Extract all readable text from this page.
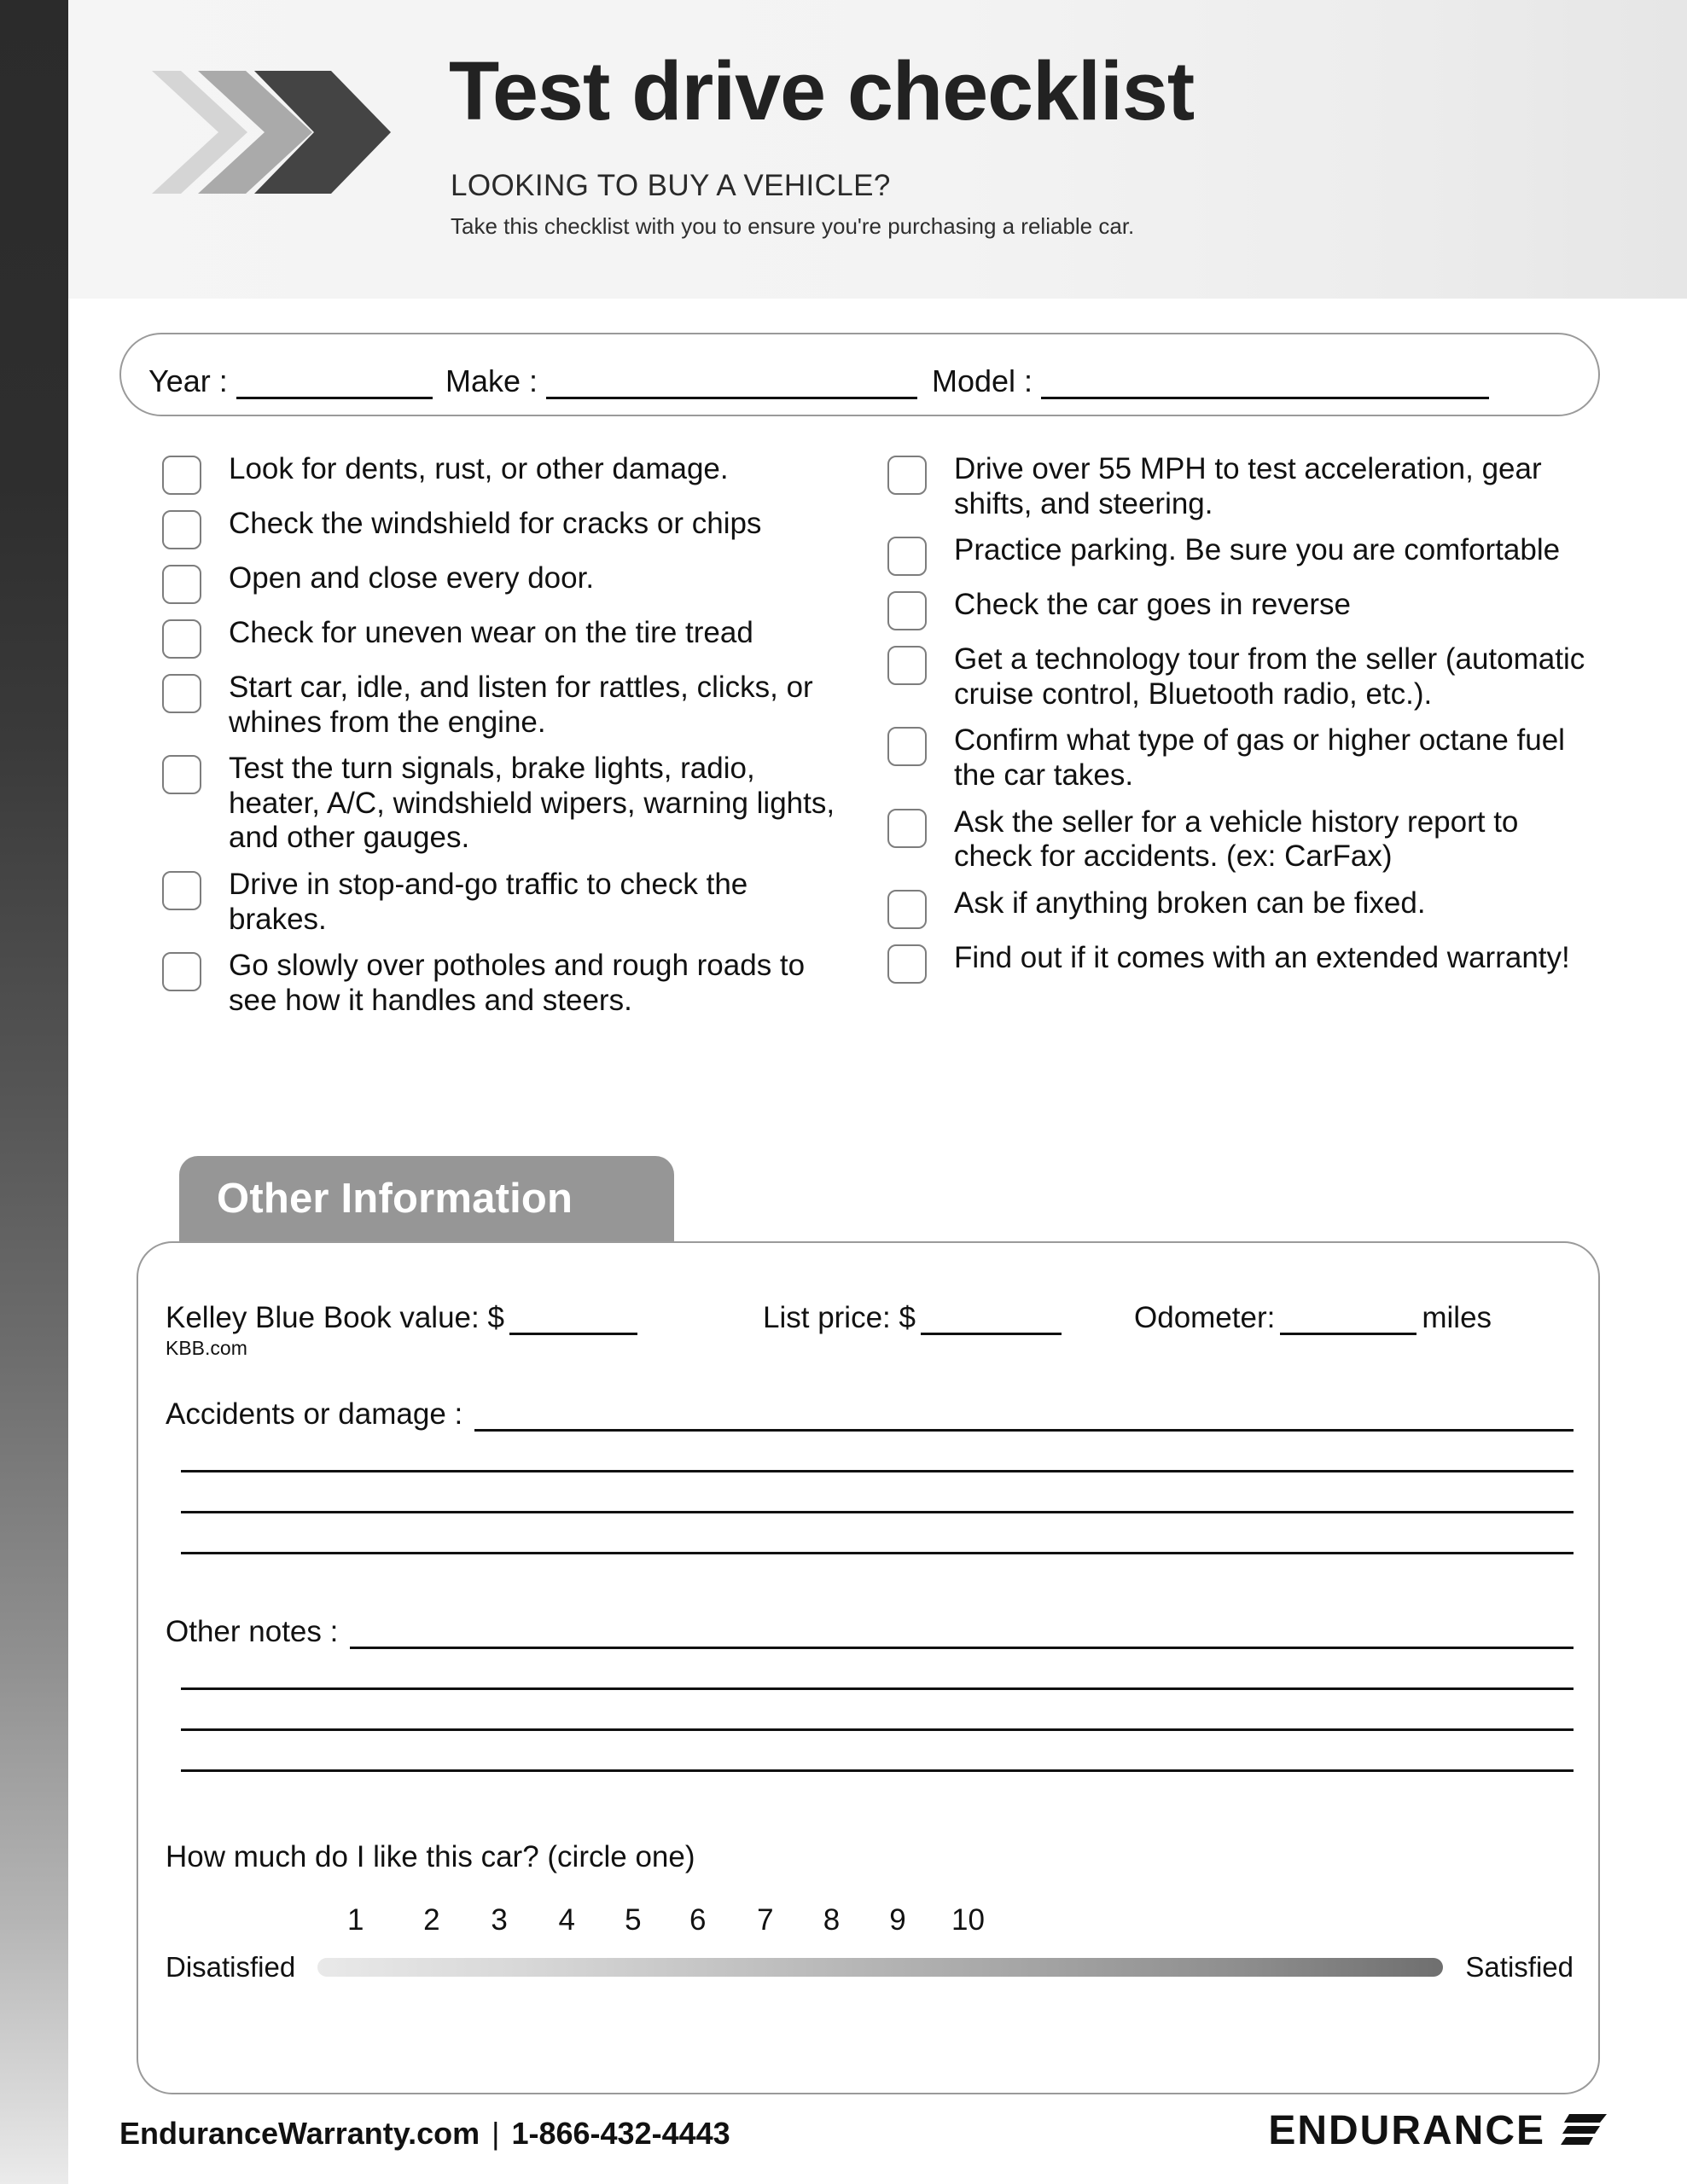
Test drive checklist
LOOKING TO BUY A VEHICLE?
Take this checklist with you to ensure you're purchasing a reliable car.
Year :	Make :	Model :
Look for dents, rust, or other damage.
Check the windshield for cracks or chips
Open and close every door.
Check for uneven wear on the tire tread
Start car, idle, and listen for rattles, clicks, or whines from the engine.
Test the turn signals, brake lights, radio, heater, A/C, windshield wipers, warning lights, and other gauges.
Drive in stop-and-go traffic to check the brakes.
Go slowly over potholes and rough roads to see how it handles and steers.
Drive over 55 MPH to test acceleration, gear shifts, and steering.
Practice parking. Be sure you are comfortable
Check the car goes in reverse
Get a technology tour from the seller (automatic cruise control, Bluetooth radio, etc.).
Confirm what type of gas or higher octane fuel the car takes.
Ask the seller for a vehicle history report to check for accidents. (ex: CarFax)
Ask if anything broken can be fixed.
Find out if it comes with an extended warranty!
Other Information
Kelley Blue Book value: $	List price: $	Odometer:	miles
KBB.com
Accidents or damage :
Other notes :
How much do I like this car? (circle one)
1 2 3 4 5 6 7 8 9 10
Disatisfied	Satisfied
EnduranceWarranty.com | 1-866-432-4443	ENDURANCE
